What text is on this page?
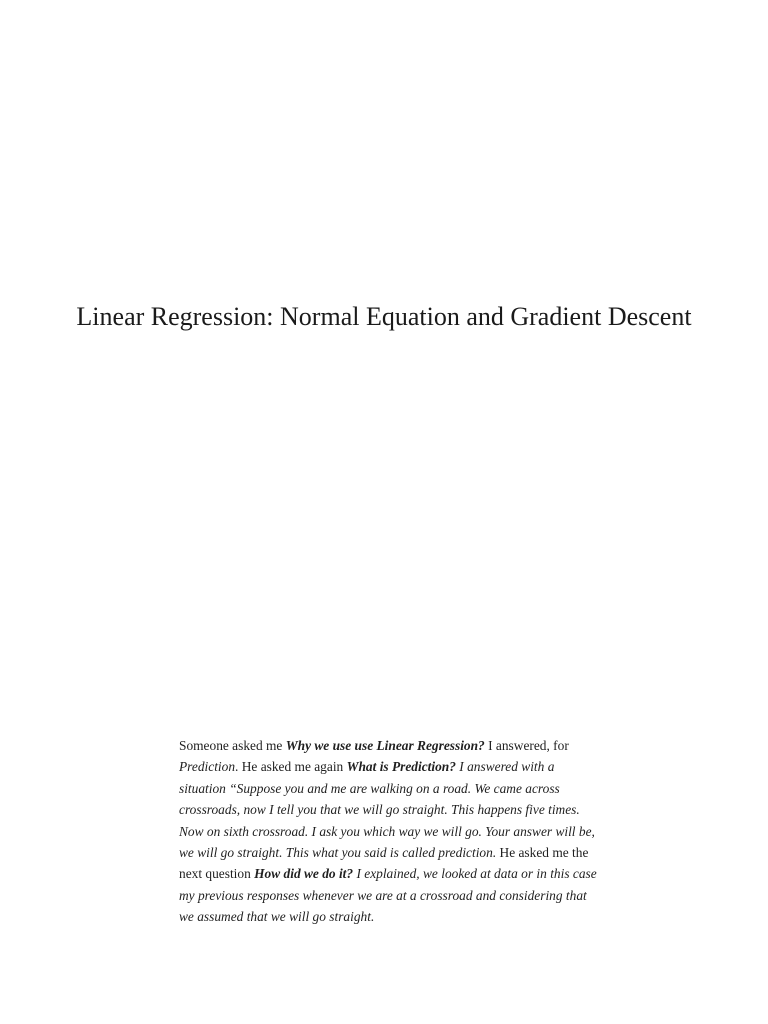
Linear Regression: Normal Equation and Gradient Descent

Someone asked me Why we use use Linear Regression? I answered, for Prediction. He asked me again What is Prediction? I answered with a situation “Suppose you and me are walking on a road. We came across crossroads, now I tell you that we will go straight. This happens five times. Now on sixth crossroad. I ask you which way we will go. Your answer will be, we will go straight. This what you said is called prediction. He asked me the next question How did we do it? I explained, we looked at data or in this case my previous responses whenever we are at a crossroad and considering that we assumed that we will go straight.
